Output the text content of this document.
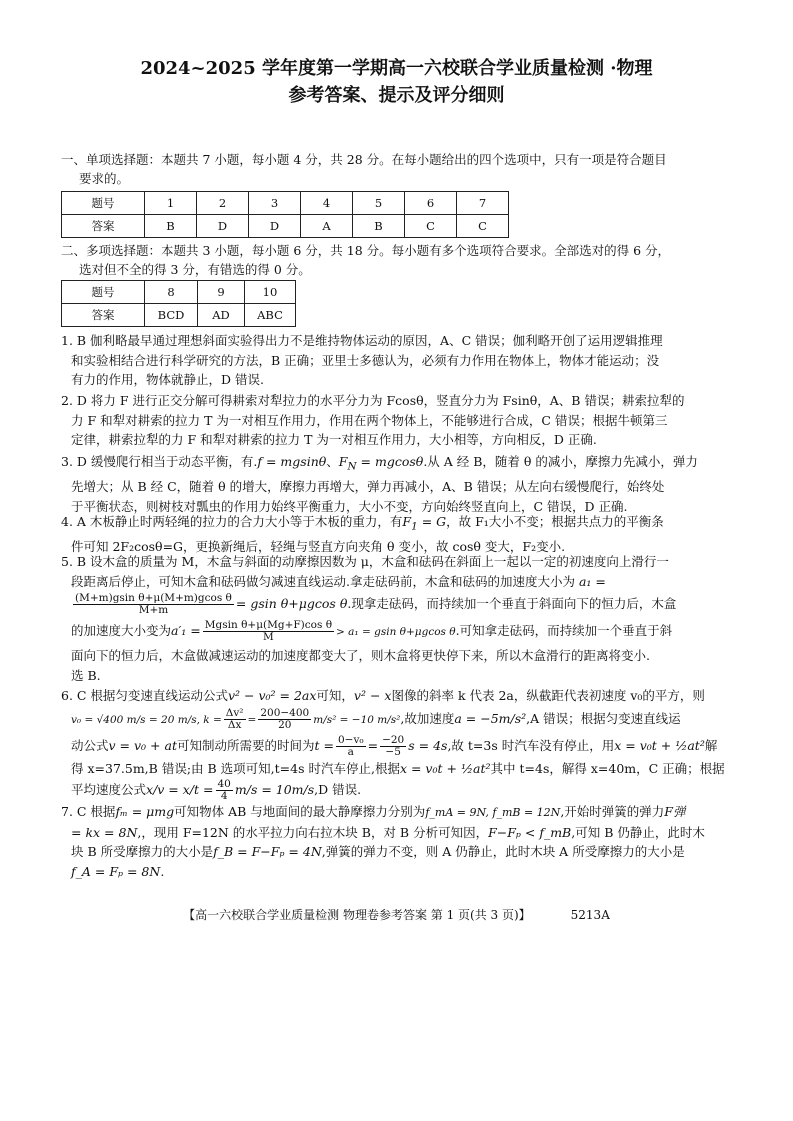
2024~2025 学年度第一学期高一六校联合学业质量检测 ·物理
参考答案、提示及评分细则
一、单项选择题：本题共 7 小题，每小题 4 分，共 28 分。在每小题给出的四个选项中，只有一项是符合题目
要求的。
题号	1	2	3	4	5	6	7
答案	B	D	D	A	B	C	C
二、多项选择题：本题共 3 小题，每小题 6 分，共 18 分。每小题有多个选项符合要求。全部选对的得 6 分，
选对但不全的得 3 分，有错选的得 0 分。
题号	8	9	10
答案	BCD	AD	ABC

1. B 伽利略最早通过理想斜面实验得出力不是维持物体运动的原因，A、C 错误；伽利略开创了运用逻辑推理

和实验相结合进行科学研究的方法，B 正确；亚里士多德认为，必须有力作用在物体上，物体才能运动；没

有力的作用，物体就静止，D 错误.

2. D 将力 F 进行正交分解可得耕索对犁拉力的水平分力为 Fcosθ，竖直分力为 Fsinθ，A、B 错误；耕索拉犁的

力 F 和犁对耕索的拉力 T 为一对相互作用力，作用在两个物体上，不能够进行合成，C 错误；根据牛顿第三

定律，耕索拉犁的力 F 和犁对耕索的拉力 T 为一对相互作用力，大小相等，方向相反，D 正确.

3. D 缓慢爬行相当于动态平衡，有.f = mgsinθ、$F_N = mgcos\theta$.从 A 经 B，随着 θ 的减小，摩擦力先减小，弹力

先增大；从 B 经 C，随着 θ 的增大，摩擦力再增大，弹力再减小，A、B 错误；从左向右缓慢爬行，始终处

于平衡状态，则树枝对瓢虫的作用力始终平衡重力，大小不变，方向始终竖直向上，C 错误，D 正确.

4. A 木板静止时两轻绳的拉力的合力大小等于木板的重力，有$F_1 = G$，故 F₁大小不变；根据共点力的平衡条

件可知 2F₂cosθ=G，更换新绳后，轻绳与竖直方向夹角 θ 变小，故 cosθ 变大，F₂变小.

5. B 设木盒的质量为 M，木盒与斜面的动摩擦因数为 μ，木盒和砝码在斜面上一起以一定的初速度向上滑行一

段距离后停止，可知木盒和砝码做匀减速直线运动.拿走砝码前，木盒和砝码的加速度大小为 a₁ =

$\frac{\text{(M+m)gsin θ+μ(M+m)gcos θ}}{M+m} = gsin$ θ+μgcos θ.现拿走砝码，而持续加一个垂直于斜面向下的恒力后，木盒

的加速度大小变为$a'_1 = \frac{\text{Mgsin θ+μ(Mg+F)cos θ}}{M} > a_1 = gsin$ θ+μgcos θ.可知拿走砝码，而持续加一个垂直于斜

面向下的恒力后，木盒做减速运动的加速度都变大了，则木盒将更快停下来，所以木盒滑行的距离将变小.

选 B.

6. C 根据匀变速直线运动公式v² − v₀² = 2ax可知，v² − x图像的斜率 k 代表 2a，纵截距代表初速度 v₀的平方，则

v₀ = √400 m/s = 20 m/s, $k = \frac{\text{Δv²}}{\Delta x} = \frac{200-400}{20} m/s^2 = -10$ m/s²,故加速度a = −5m/s²,A 错误；根据匀变速直线运

动公式v = v₀ + at可知制动所需要的时间为$t = \frac{\text{0−v₀}}{a} = \frac{-20}{-5}$ s = 4s,故 t=3s 时汽车没有停止，用x = v₀t + ½at²解

得 x=37.5m,B 错误;由 B 选项可知,t=4s 时汽车停止,根据x = v₀t + ½at²其中 t=4s，解得 x=40m，C 正确；根据

平均速度公式$x/v = x/t = \frac{40}{4} m/s = 10m/s,D$ 错误.

7. C 根据fₘ = μmg可知物体 AB 与地面间的最大静摩擦力分别为f_mA = 9N, f_mB = 12N,开始时弹簧的弹力F弹

= kx = 8N,，现用 F=12N 的水平拉力向右拉木块 B，对 B 分析可知因，F−Fₚ < f_mB,可知 B 仍静止，此时木

块 B 所受摩擦力的大小是f_B = F−Fₚ = 4N,弹簧的弹力不变，则 A 仍静止，此时木块 A 所受摩擦力的大小是

f_A = Fₚ = 8N.

【高一六校联合学业质量检测 物理卷参考答案 第 1 页(共 3 页)】	5213A
